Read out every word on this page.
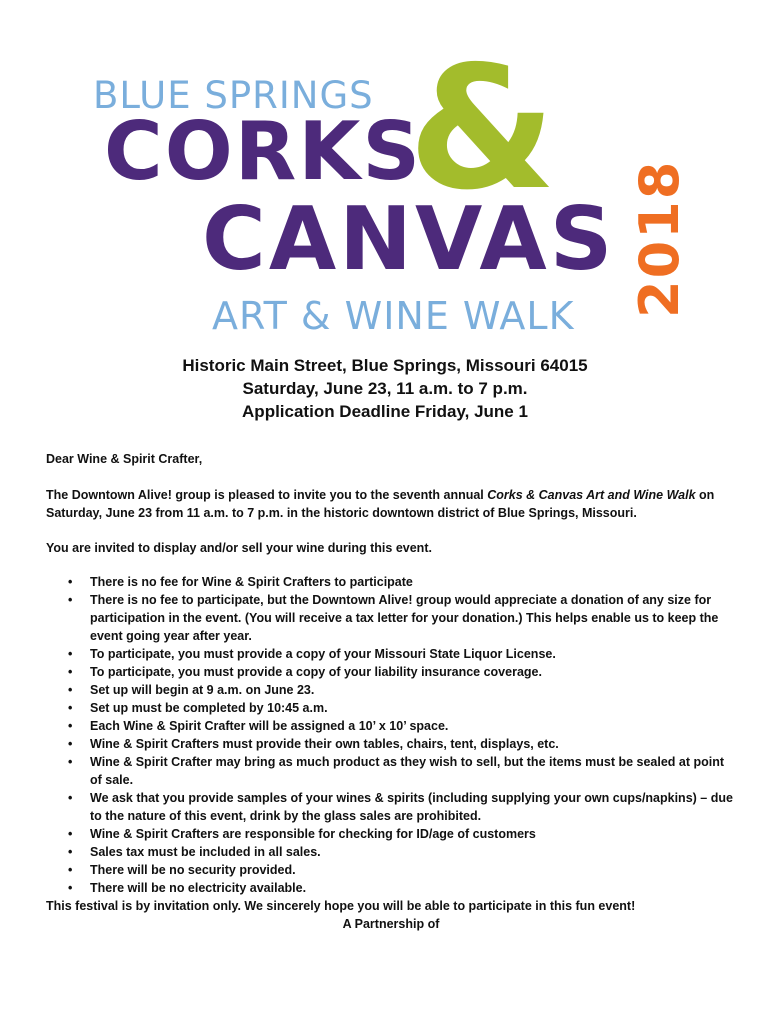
BLUE SPRINGS
CORKS
&
CANVAS
ART & WINE WALK 2018
Historic Main Street, Blue Springs, Missouri 64015
Saturday, June 23, 11 a.m. to 7 p.m.
Application Deadline Friday, June 1

Dear Wine & Spirit Crafter,

The Downtown Alive! group is pleased to invite you to the seventh annual Corks & Canvas Art and Wine Walk on Saturday, June 23 from 11 a.m. to 7 p.m. in the historic downtown district of Blue Springs, Missouri.

You are invited to display and/or sell your wine during this event.

• There is no fee for Wine & Spirit Crafters to participate
• There is no fee to participate, but the Downtown Alive! group would appreciate a donation of any size for participation in the event. (You will receive a tax letter for your donation.) This helps enable us to keep the event going year after year.
• To participate, you must provide a copy of your Missouri State Liquor License.
• To participate, you must provide a copy of your liability insurance coverage.
• Set up will begin at 9 a.m. on June 23.
• Set up must be completed by 10:45 a.m.
• Each Wine & Spirit Crafter will be assigned a 10’ x 10’ space.
• Wine & Spirit Crafters must provide their own tables, chairs, tent, displays, etc.
• Wine & Spirit Crafter may bring as much product as they wish to sell, but the items must be sealed at point of sale.
• We ask that you provide samples of your wines & spirits (including supplying your own cups/napkins) – due to the nature of this event, drink by the glass sales are prohibited.
• Wine & Spirit Crafters are responsible for checking for ID/age of customers
• Sales tax must be included in all sales.
• There will be no security provided.
• There will be no electricity available.

This festival is by invitation only. We sincerely hope you will be able to participate in this fun event!

A Partnership of
